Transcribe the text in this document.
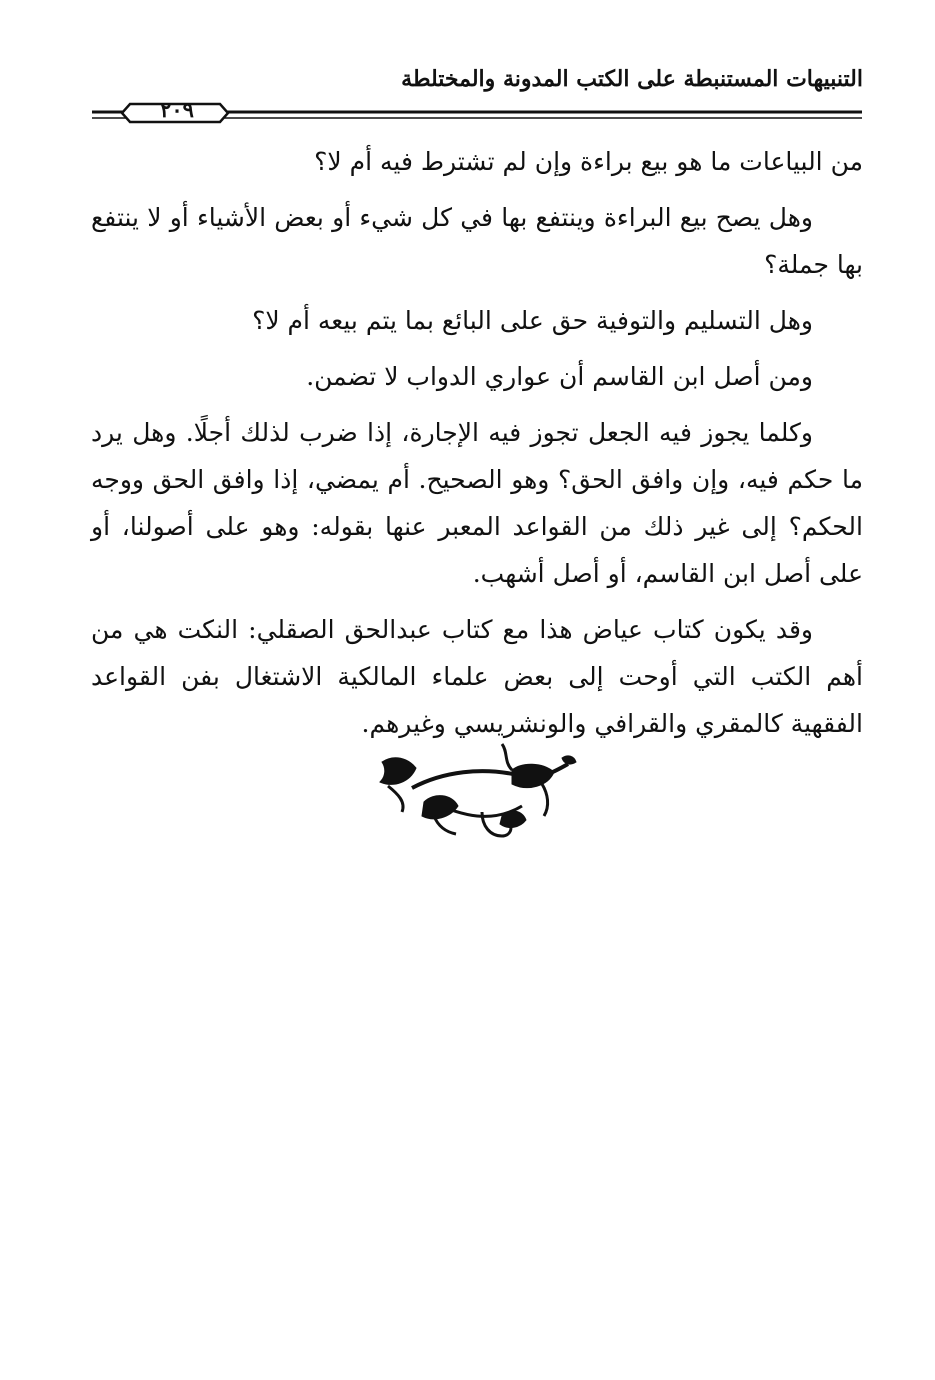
التنبيهات المستنبطة على الكتب المدونة والمختلطة
٢٠٩

من البياعات ما هو بيع براءة وإن لم تشترط فيه أم لا؟

وهل يصح بيع البراءة وينتفع بها في كل شيء أو بعض الأشياء أو لا ينتفع بها جملة؟

وهل التسليم والتوفية حق على البائع بما يتم بيعه أم لا؟

ومن أصل ابن القاسم أن عواري الدواب لا تضمن.

وكلما يجوز فيه الجعل تجوز فيه الإجارة، إذا ضرب لذلك أجلًا. وهل يرد ما حكم فيه، وإن وافق الحق؟ وهو الصحيح. أم يمضي، إذا وافق الحق ووجه الحكم؟ إلى غير ذلك من القواعد المعبر عنها بقوله: وهو على أصولنا، أو على أصل ابن القاسم، أو أصل أشهب.

وقد يكون كتاب عياض هذا مع كتاب عبدالحق الصقلي: النكت هي من أهم الكتب التي أوحت إلى بعض علماء المالكية الاشتغال بفن القواعد الفقهية كالمقري والقرافي والونشريسي وغيرهم.
